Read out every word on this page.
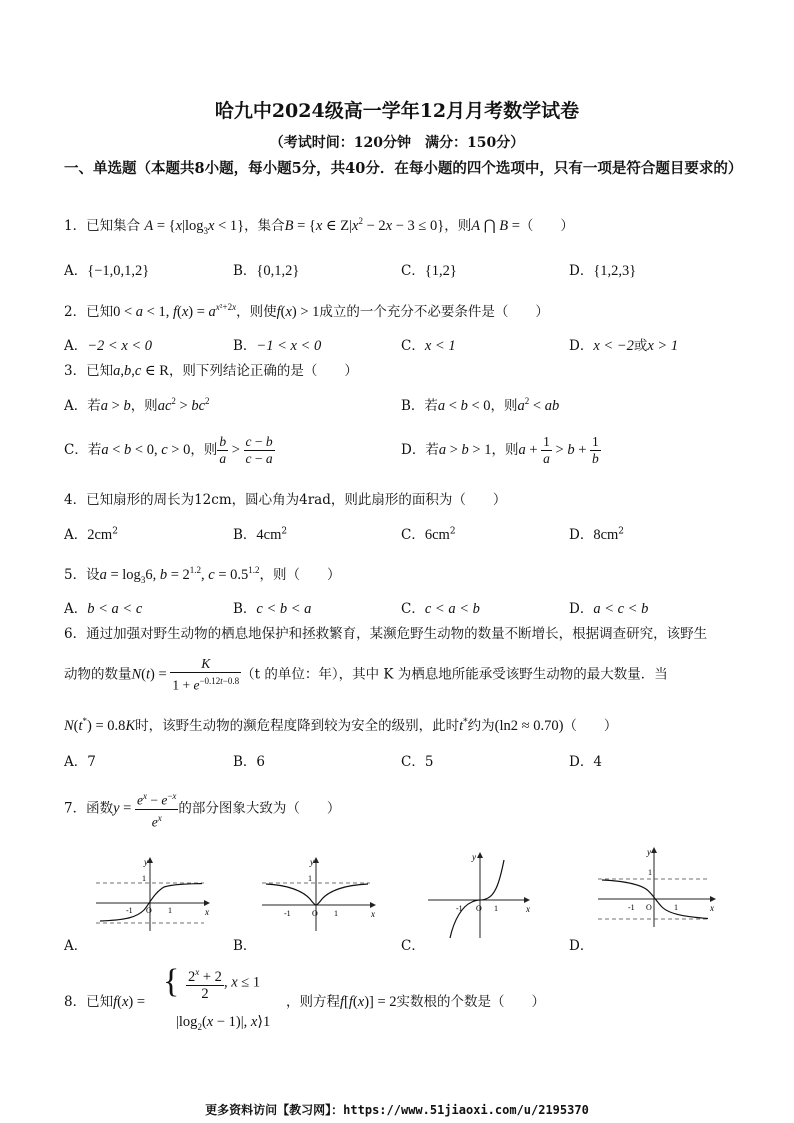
哈九中2024级高一学年12月月考数学试卷
（考试时间：120分钟　满分：150分）
一、单选题（本题共8小题，每小题5分，共40分．在每小题的四个选项中，只有一项是符合题目要求的）
1．已知集合 $A = \{x|\log_3x < 1\}$，集合B = {x ∈ $Z|x^2 - 2x - 3 \le 0$}，则A ⋂ B =（　　）
A．{−1,0,1,2}	B．{0,1,2}	C．{1,2}	D．{1,2,3}
2．已知0 < a < 1, $f(x) = a^{x^2+2x}$，则使f(x) > 1成立的一个充分不必要条件是（　　）
A．−2 < x < 0	B．−1 < x < 0	C．x < 1	D．x < −2或x > 1
3．已知a,b,c ∈ R，则下列结论正确的是（　　）
A．若a > b，则$ac^2 > bc^2$	B．若a < b < 0，则$a^2$ < ab
C．若a < b < 0, c > 0，则 $\frac{b}{a} > \frac{c - b}{c - a}$	D．若a > b > 1，则$a + \frac{1}{a} > b + \frac{1}{b}$
4．已知扇形的周长为12cm，圆心角为4rad，则此扇形的面积为（　　）
A．$2cm^2$	B．$4cm^2$	C．$6cm^2$	D．$8cm^2$
5．设$a = \log_36$, $b = 2^{1.2}$, $c = 0.5^{1.2}$，则（　　）
A．b < a < c	B．c < b < a	C．c < a < b	D．a < c < b
6．通过加强对野生动物的栖息地保护和拯救繁育，某濒危野生动物的数量不断增长，根据调查研究，该野生
动物的数量$N(t) = \frac{K}{1 + e^{-0.12t-0.8}} (t$ 的单位：年），其中 K 为栖息地所能承受该野生动物的最大数量．当
N(t*) = 0.8K时，该野生动物的濒危程度降到较为安全的级别，此时t*约为(ln2 ≈ 0.70)（　　）
A．7	B．6	C．5	D．4
7．函数$y = \frac{e^x - e^{-x}}{e^x}$ 的部分图象大致为（　　）
y
x
1
-1 O 1
A．
y
x
1
-1	O 1
B．
y
x
-1 O 1
C．
y
x
1
-1 O	1
D．
8．已知f(x) =
{ $\frac{2^x + 2}{2}$ , x ≤ 1
$|\log_2(x - 1)|$, x⟩1
，则方程f[f(x)] = 2实数根的个数是（　　）
更多资料访问【教习网】：https://www.51jiaoxi.com/u/2195370
